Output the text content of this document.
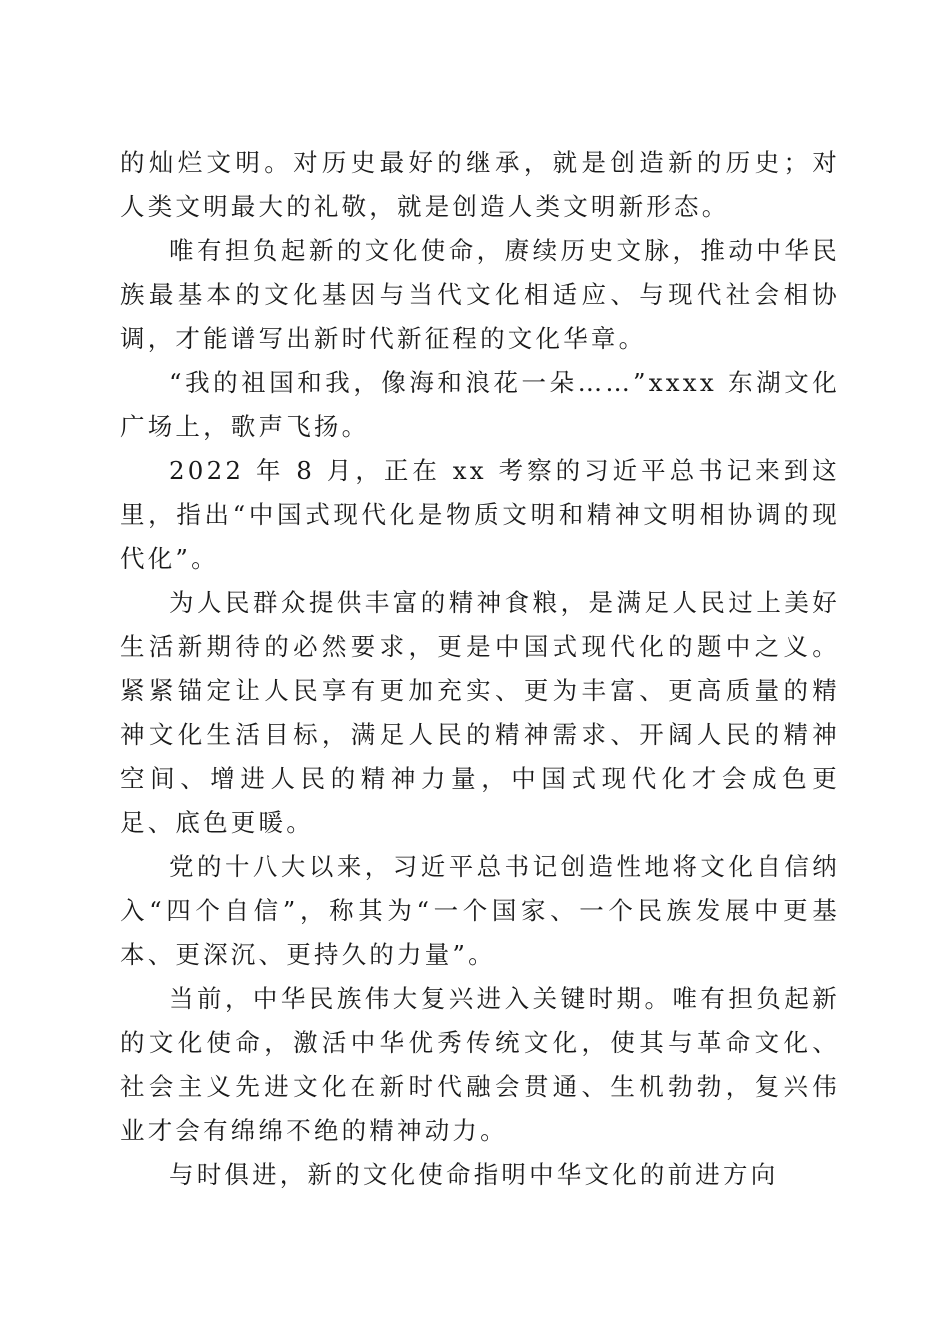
的灿烂文明。对历史最好的继承，就是创造新的历史；对人类文明最大的礼敬，就是创造人类文明新形态。

唯有担负起新的文化使命，赓续历史文脉，推动中华民族最基本的文化基因与当代文化相适应、与现代社会相协调，才能谱写出新时代新征程的文化华章。

“我的祖国和我，像海和浪花一朵……”xxxx 东湖文化广场上，歌声飞扬。

2022 年 8 月，正在 xx 考察的习近平总书记来到这里，指出“中国式现代化是物质文明和精神文明相协调的现代化”。

为人民群众提供丰富的精神食粮，是满足人民过上美好生活新期待的必然要求，更是中国式现代化的题中之义。紧紧锚定让人民享有更加充实、更为丰富、更高质量的精神文化生活目标，满足人民的精神需求、开阔人民的精神空间、增进人民的精神力量，中国式现代化才会成色更足、底色更暖。

党的十八大以来，习近平总书记创造性地将文化自信纳入“四个自信”，称其为“一个国家、一个民族发展中更基本、更深沉、更持久的力量”。

当前，中华民族伟大复兴进入关键时期。唯有担负起新的文化使命，激活中华优秀传统文化，使其与革命文化、社会主义先进文化在新时代融会贯通、生机勃勃，复兴伟业才会有绵绵不绝的精神动力。

与时俱进，新的文化使命指明中华文化的前进方向
